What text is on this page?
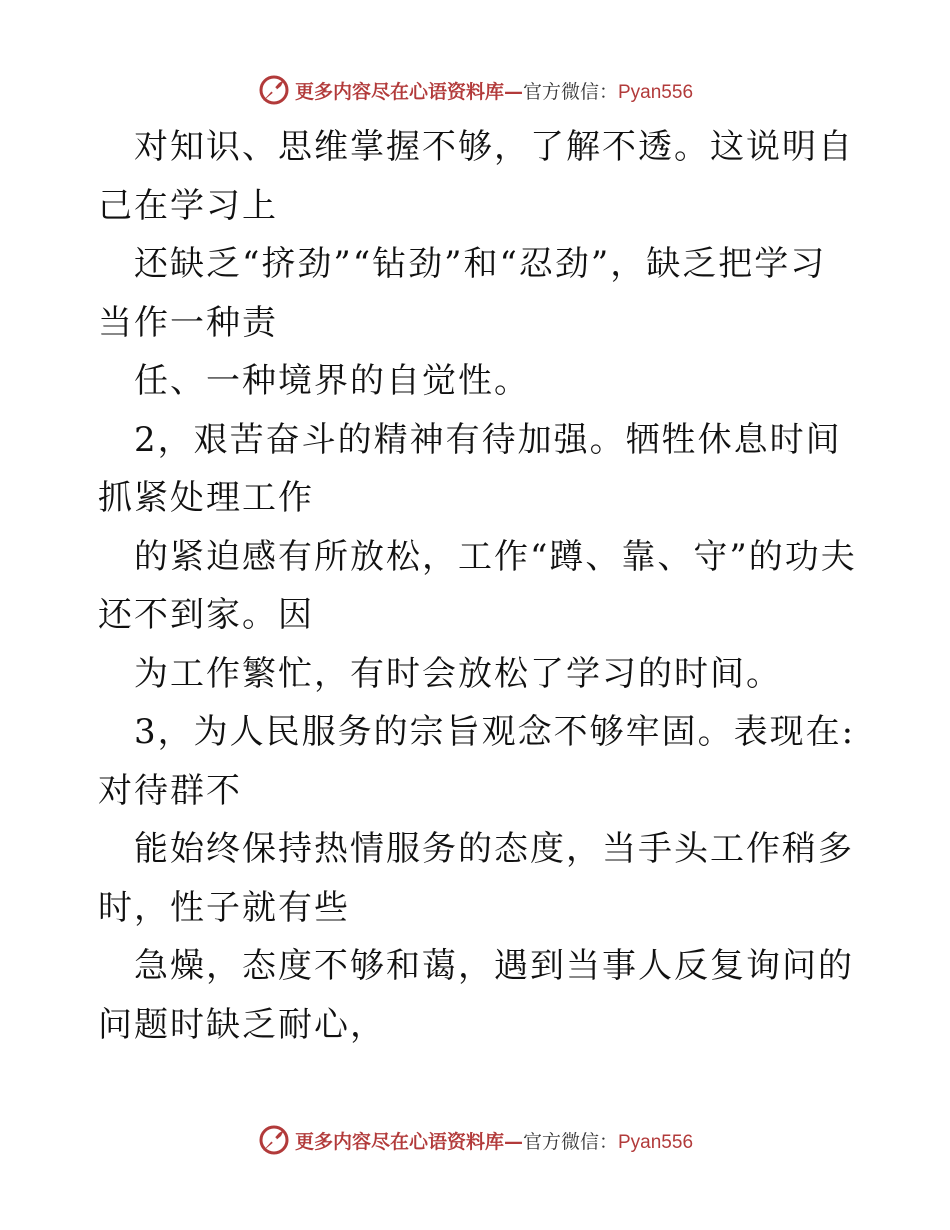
更多内容尽在心语资料库—官方微信：Pyan556

对知识、思维掌握不够，了解不透。这说明自己在学习上

还缺乏“挤劲”“钻劲”和“忍劲”，缺乏把学习当作一种责

任、一种境界的自觉性。

2，艰苦奋斗的精神有待加强。牺牲休息时间抓紧处理工作

的紧迫感有所放松，工作“蹲、靠、守”的功夫还不到家。因

为工作繁忙，有时会放松了学习的时间。

3，为人民服务的宗旨观念不够牢固。表现在:对待群不

能始终保持热情服务的态度，当手头工作稍多时，性子就有些

急燥，态度不够和蔼，遇到当事人反复询问的问题时缺乏耐心，

更多内容尽在心语资料库—官方微信：Pyan556
